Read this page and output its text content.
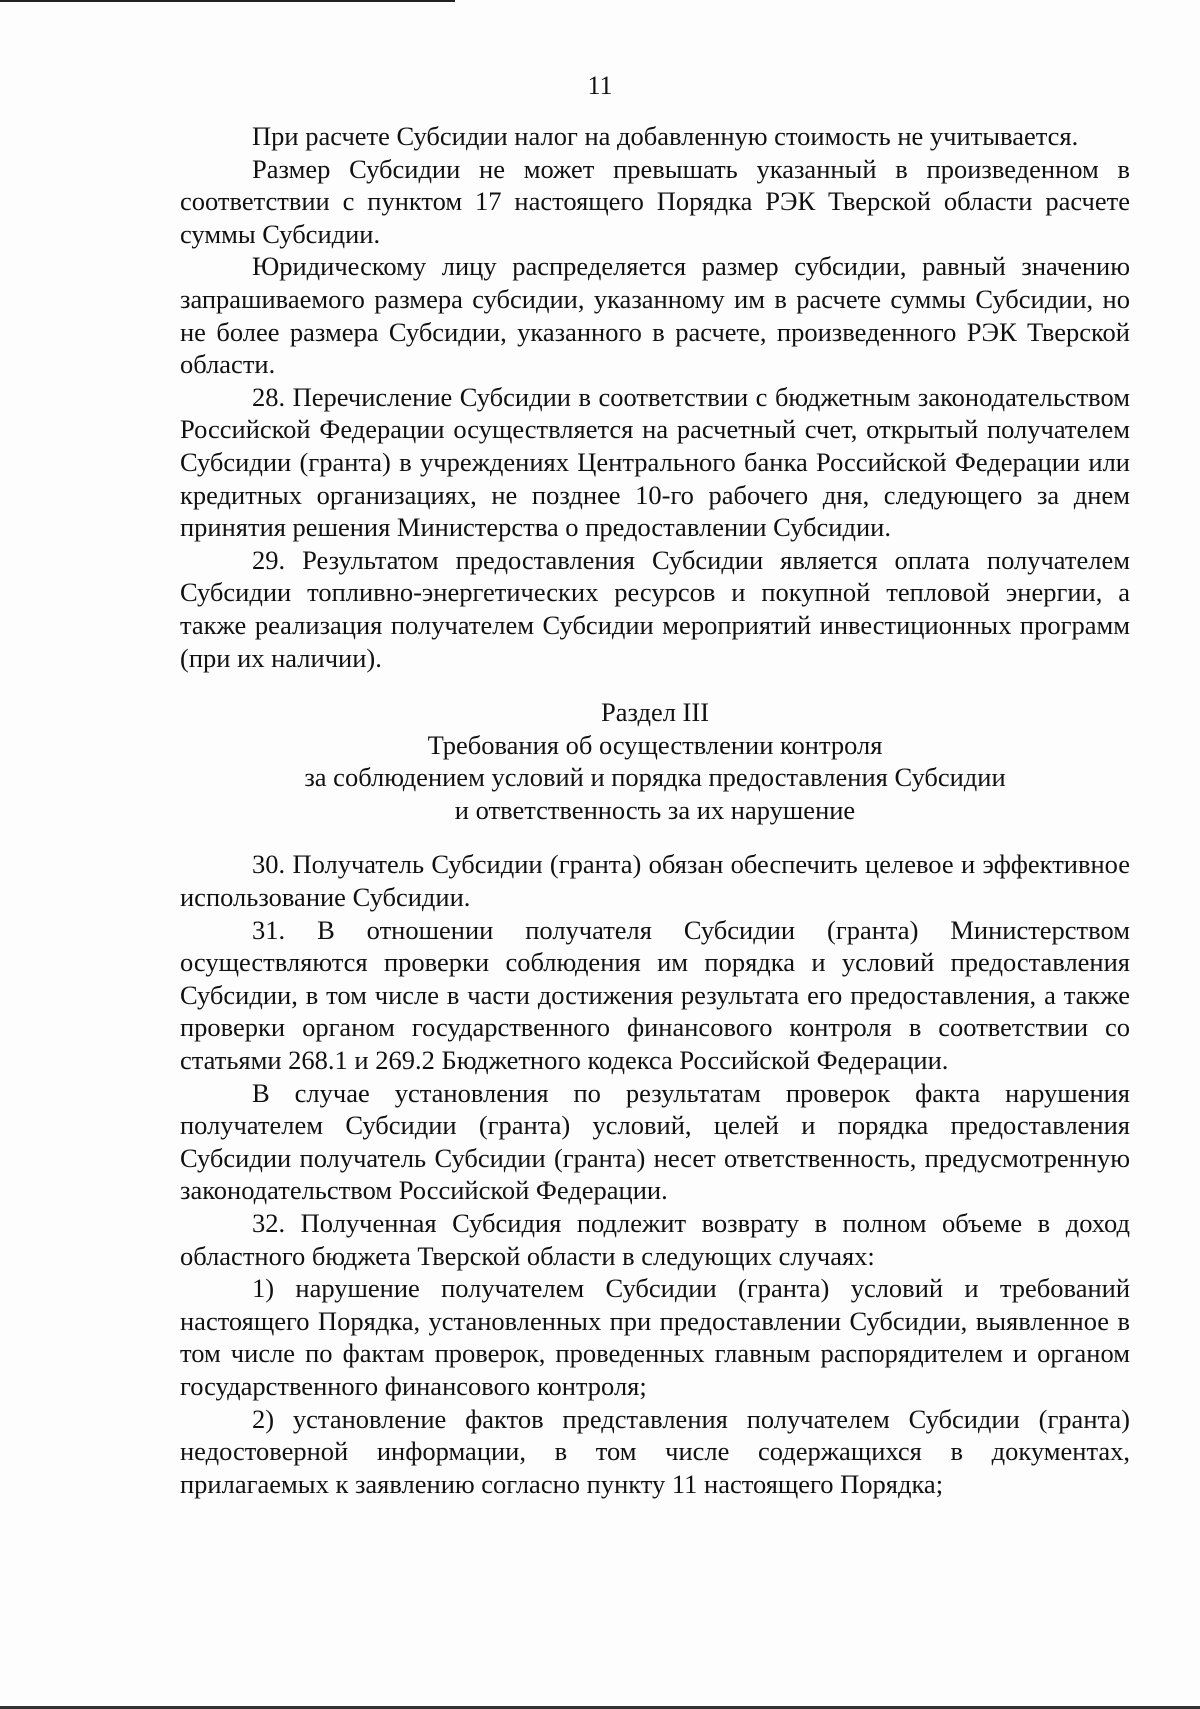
11

При расчете Субсидии налог на добавленную стоимость не учитывается.

Размер Субсидии не может превышать указанный в произведенном в соответствии с пунктом 17 настоящего Порядка РЭК Тверской области расчете суммы Субсидии.

Юридическому лицу распределяется размер субсидии, равный значению запрашиваемого размера субсидии, указанному им в расчете суммы Субсидии, но не более размера Субсидии, указанного в расчете, произведенного РЭК Тверской области.

28. Перечисление Субсидии в соответствии с бюджетным законодательством Российской Федерации осуществляется на расчетный счет, открытый получателем Субсидии (гранта) в учреждениях Центрального банка Российской Федерации или кредитных организациях, не позднее 10-го рабочего дня, следующего за днем принятия решения Министерства о предоставлении Субсидии.

29. Результатом предоставления Субсидии является оплата получателем Субсидии топливно-энергетических ресурсов и покупной тепловой энергии, а также реализация получателем Субсидии мероприятий инвестиционных программ (при их наличии).

Раздел III
Требования об осуществлении контроля
за соблюдением условий и порядка предоставления Субсидии
и ответственность за их нарушение

30. Получатель Субсидии (гранта) обязан обеспечить целевое и эффективное использование Субсидии.

31. В отношении получателя Субсидии (гранта) Министерством осуществляются проверки соблюдения им порядка и условий предоставления Субсидии, в том числе в части достижения результата его предоставления, а также проверки органом государственного финансового контроля в соответствии со статьями 268.1 и 269.2 Бюджетного кодекса Российской Федерации.

В случае установления по результатам проверок факта нарушения получателем Субсидии (гранта) условий, целей и порядка предоставления Субсидии получатель Субсидии (гранта) несет ответственность, предусмотренную законодательством Российской Федерации.

32. Полученная Субсидия подлежит возврату в полном объеме в доход областного бюджета Тверской области в следующих случаях:

1) нарушение получателем Субсидии (гранта) условий и требований настоящего Порядка, установленных при предоставлении Субсидии, выявленное в том числе по фактам проверок, проведенных главным распорядителем и органом государственного финансового контроля;

2) установление фактов представления получателем Субсидии (гранта) недостоверной информации, в том числе содержащихся в документах, прилагаемых к заявлению согласно пункту 11 настоящего Порядка;
